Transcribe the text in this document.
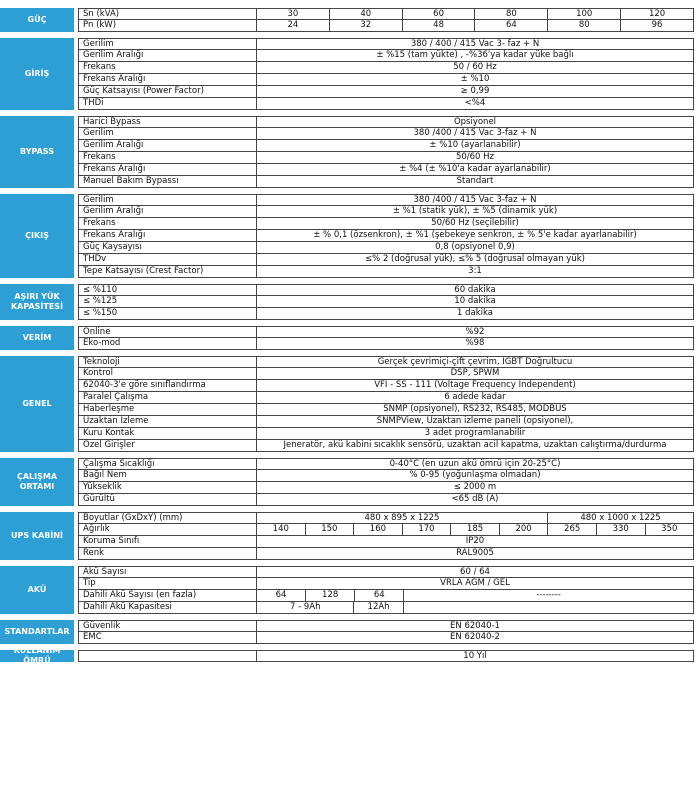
GÜÇ
Sn (kVA)	30	40	60	80	100	120
Pn (kW)	24	32	48	64	80	96
GİRİŞ
Gerilim	380 / 400 / 415 Vac 3- faz + N
Gerilim Aralığı	± %15 (tam yükte) , -%36'ya kadar yüke bağlı
Frekans	50 / 60 Hz
Frekans Aralığı	± %10
Güç Katsayısı (Power Factor)	≥ 0,99
THDi	<%4
BYPASS
Harici Bypass	Opsiyonel
Gerilim	380 /400 / 415 Vac 3-faz + N
Gerilim Aralığı	± %10 (ayarlanabilir)
Frekans	50/60 Hz
Frekans Aralığı	± %4 (± %10'a kadar ayarlanabilir)
Manuel Bakım Bypassı	Standart
ÇIKIŞ
Gerilim	380 /400 / 415 Vac 3-faz + N
Gerilim Aralığı	± %1 (statik yük), ± %5 (dinamik yük)
Frekans	50/60 Hz (seçilebilir)
Frekans Aralığı	± % 0,1 (özsenkron), ± %1 (şebekeye senkron, ± % 5'e kadar ayarlanabilir)
Güç Kaysayısı	0,8 (opsiyonel 0,9)
THDv	≤% 2 (doğrusal yük), ≤% 5 (doğrusal olmayan yük)
Tepe Katsayısı (Crest Factor)	3:1
AŞIRI YÜK KAPASİTESİ
≤ %110	60 dakika
≤ %125	10 dakika
≤ %150	1 dakika
VERİM
Online	%92
Eko-mod	%98
GENEL
Teknoloji	Gerçek çevrimiçi-çift çevrim, IGBT Doğrultucu
Kontrol	DSP, SPWM
62040-3'e göre sınıflandırma	VFI - SS - 111 (Voltage Frequency Independent)
Paralel Çalışma	6 adede kadar
Haberleşme	SNMP (opsiyonel), RS232, RS485, MODBUS
Uzaktan İzleme	SNMPView, Uzaktan izleme paneli (opsiyonel),
Kuru Kontak	3 adet programlanabilir
Özel Girişler	Jeneratör, akü kabini sıcaklık sensörü, uzaktan acil kapatma, uzaktan calıştırma/durdurma
ÇALIŞMA ORTAMI
Çalışma Sıcaklığı	0-40°C (en uzun akü ömrü için 20-25°C)
Bağıl Nem	% 0-95 (yoğunlaşma olmadan)
Yükseklik	≤ 2000 m
Gürültü	<65 dB (A)
UPS KABİNİ
Boyutlar (GxDxY) (mm)	480 x 895 x 1225	480 x 1000 x 1225
Ağırlık	140	150	160	170	185	200	265	330	350
Koruma Sınıfı	IP20
Renk	RAL9005
AKÜ
Akü Sayısı	60 / 64
Tip	VRLA AGM / GEL
Dahili Akü Sayısı (en fazla)	64	128	64	--------
Dahili Akü Kapasitesi	7 - 9Ah	12Ah
STANDARTLAR
Güvenlik	EN 62040-1
EMC	EN 62040-2
KULLANIM ÖMRÜ	10 Yıl
